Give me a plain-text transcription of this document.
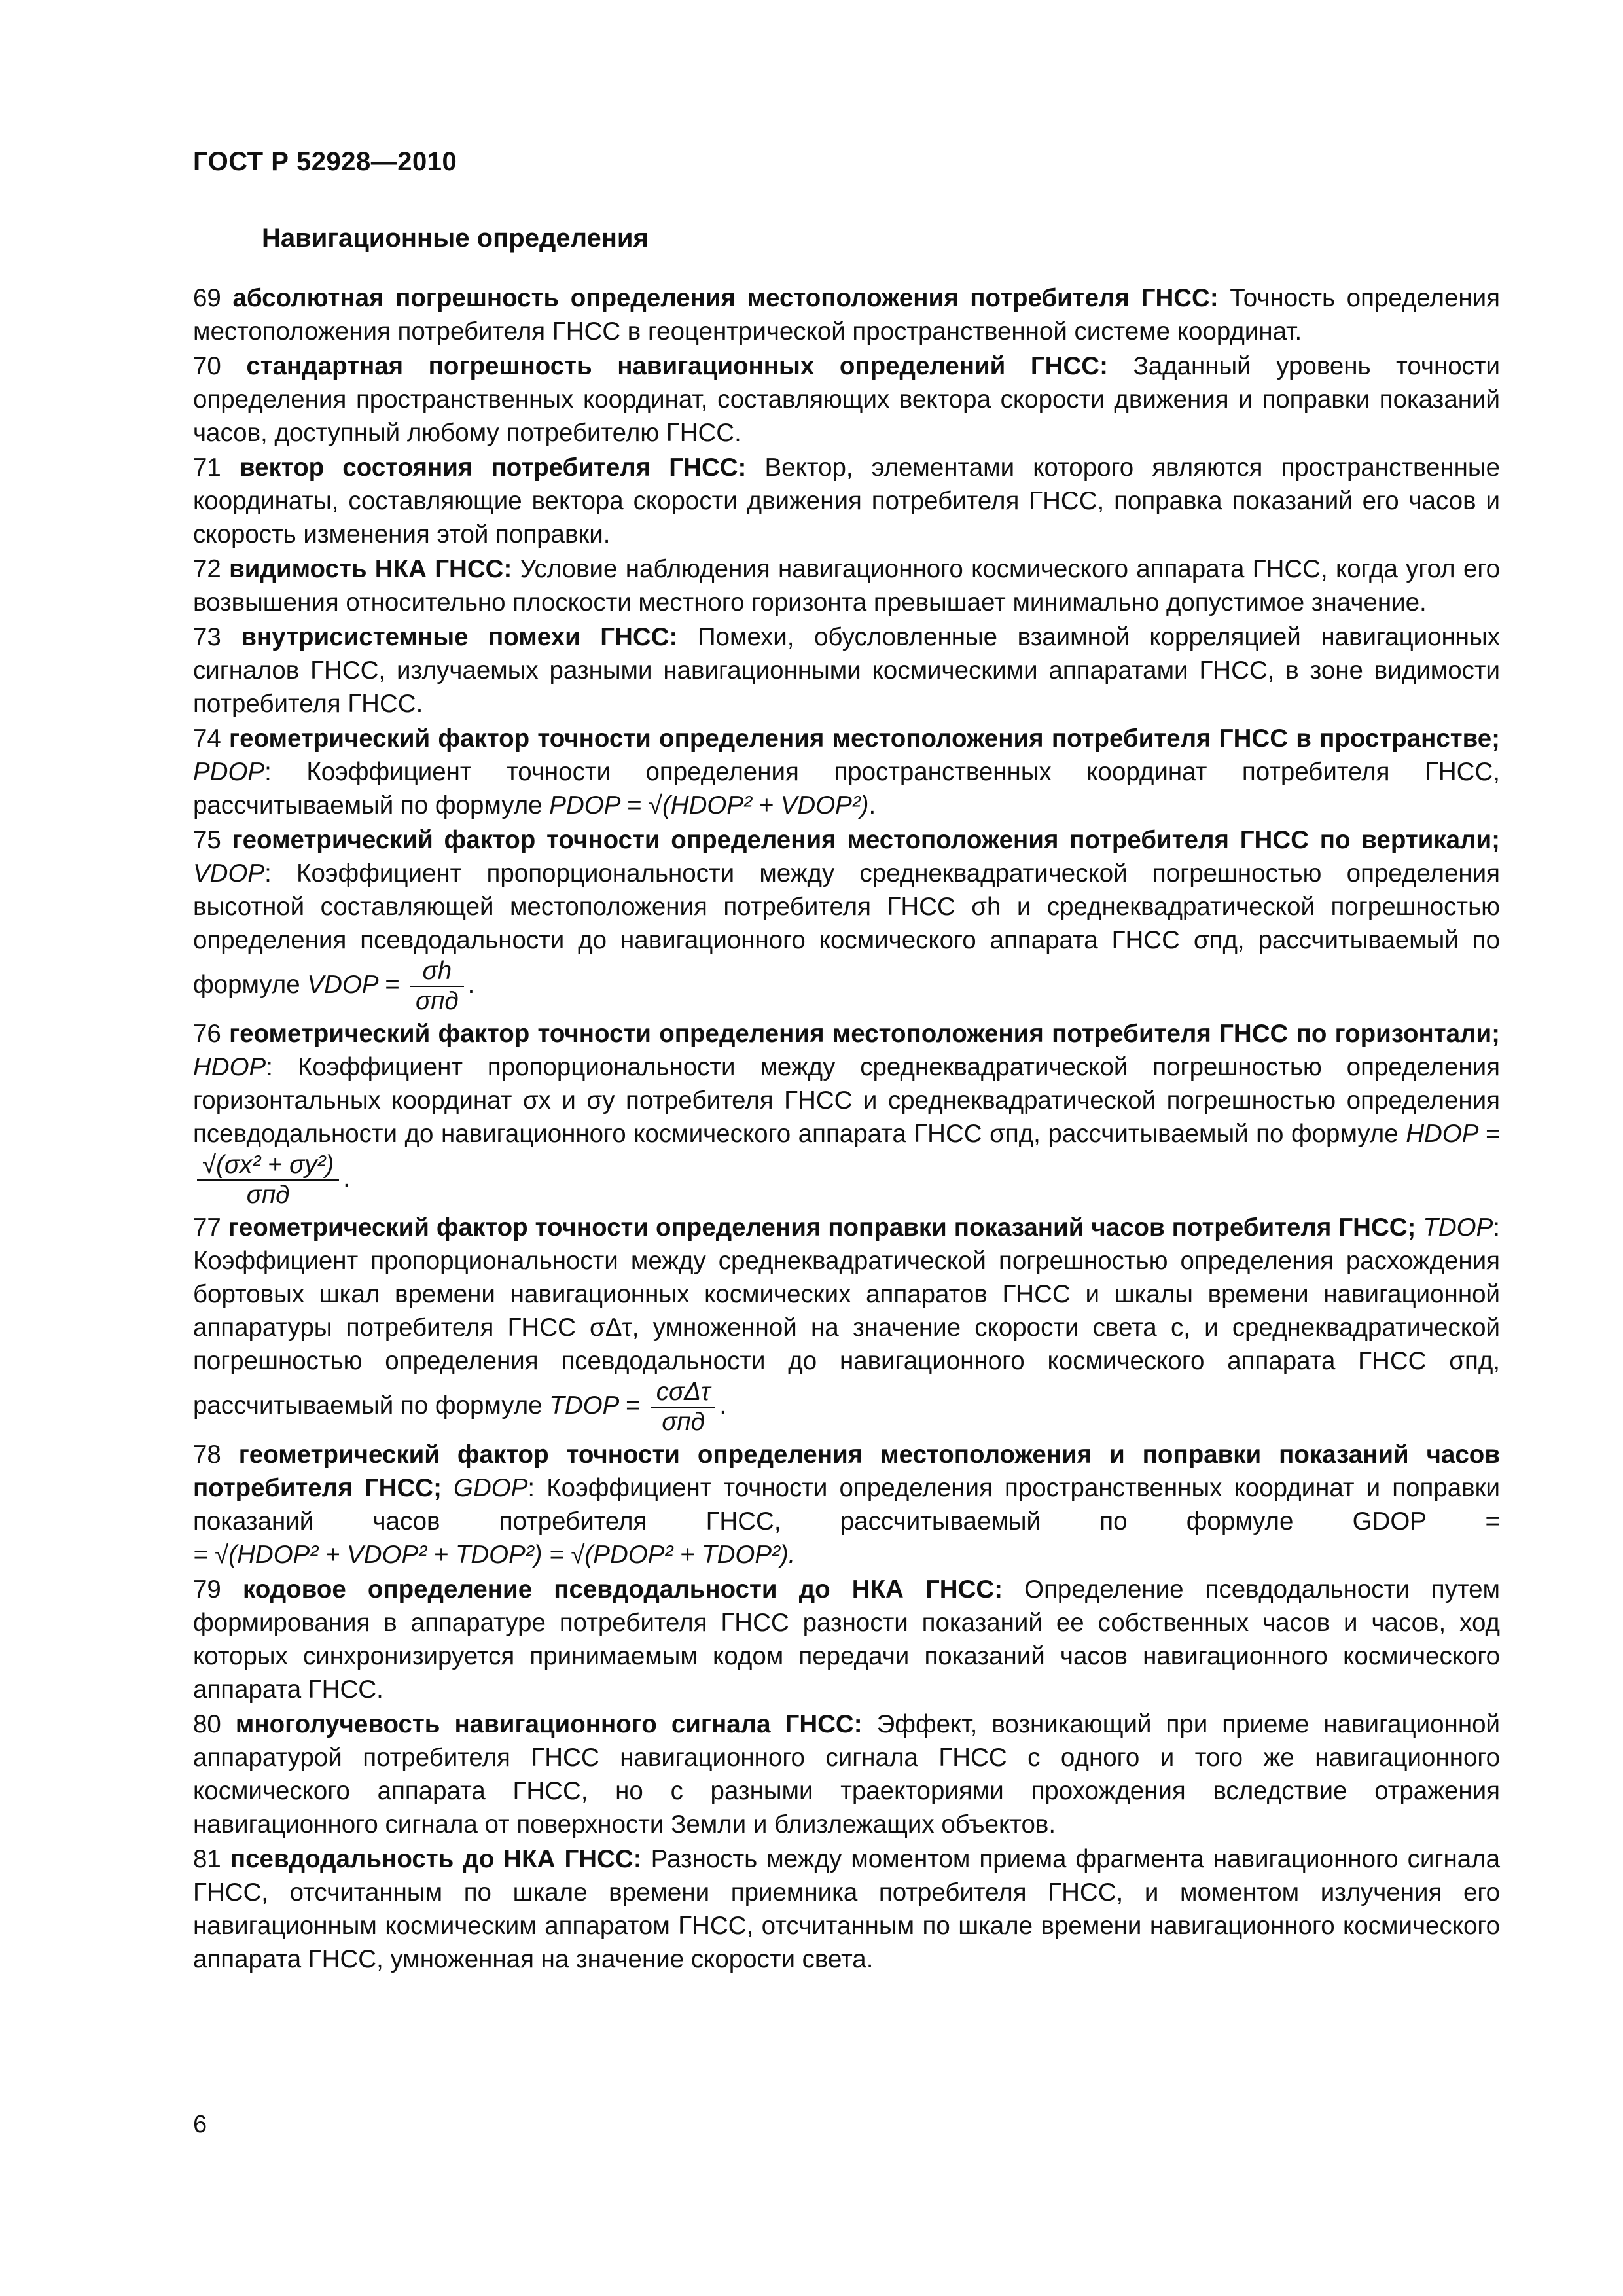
ГОСТ Р 52928—2010
Навигационные определения

69 абсолютная погрешность определения местоположения потребителя ГНСС: Точность определения местоположения потребителя ГНСС в геоцентрической пространственной системе координат.

70 стандартная погрешность навигационных определений ГНСС: Заданный уровень точности определения пространственных координат, составляющих вектора скорости движения и поправки показаний часов, доступный любому потребителю ГНСС.

71 вектор состояния потребителя ГНСС: Вектор, элементами которого являются пространственные координаты, составляющие вектора скорости движения потребителя ГНСС, поправка показаний его часов и скорость изменения этой поправки.

72 видимость НКА ГНСС: Условие наблюдения навигационного космического аппарата ГНСС, когда угол его возвышения относительно плоскости местного горизонта превышает минимально допустимое значение.

73 внутрисистемные помехи ГНСС: Помехи, обусловленные взаимной корреляцией навигационных сигналов ГНСС, излучаемых разными навигационными космическими аппаратами ГНСС, в зоне видимости потребителя ГНСС.

74 геометрический фактор точности определения местоположения потребителя ГНСС в пространстве; PDOP: Коэффициент точности определения пространственных координат потребителя ГНСС, рассчитываемый по формуле PDOP = √(HDOP² + VDOP²).

75 геометрический фактор точности определения местоположения потребителя ГНСС по вертикали; VDOP: Коэффициент пропорциональности между среднеквадратической погрешностью определения высотной составляющей местоположения потребителя ГНСС σh и среднеквадратической погрешностью определения псевдодальности до навигационного космического аппарата ГНСС σпд, рассчитываемый по формуле VDOP = $\frac{\sigma h}{\text{σпд}}$ .

76 геометрический фактор точности определения местоположения потребителя ГНСС по горизонтали; HDOP: Коэффициент пропорциональности между среднеквадратической погрешностью определения горизонтальных координат σx и σy потребителя ГНСС и среднеквадратической погрешностью определения псевдодальности до навигационного космического аппарата ГНСС σпд, рассчитываемый по формуле HDOP =
$\frac{\text{√(σx² + σy²)}}{\text{σпд}}$ .

77 геометрический фактор точности определения поправки показаний часов потребителя ГНСС; TDOP: Коэффициент пропорциональности между среднеквадратической погрешностью определения расхождения бортовых шкал времени навигационных космических аппаратов ГНСС и шкалы времени навигационной аппаратуры потребителя ГНСС σΔτ, умноженной на значение скорости света c, и среднеквадратической погрешностью определения псевдодальности до навигационного космического аппарата ГНСС σпд, рассчитываемый по формуле TDOP = $\frac{\text{cσΔτ}}{\text{σпд}}$ .

78 геометрический фактор точности определения местоположения и поправки показаний часов потребителя ГНСС; GDOP: Коэффициент точности определения пространственных координат и поправки показаний часов потребителя ГНСС, рассчитываемый по формуле GDOP = = √(HDOP² + VDOP² + TDOP²) = √(PDOP² + TDOP²).

79 кодовое определение псевдодальности до НКА ГНСС: Определение псевдодальности путем формирования в аппаратуре потребителя ГНСС разности показаний ее собственных часов и часов, ход которых синхронизируется принимаемым кодом передачи показаний часов навигационного космического аппарата ГНСС.

80 многолучевость навигационного сигнала ГНСС: Эффект, возникающий при приеме навигационной аппаратурой потребителя ГНСС навигационного сигнала ГНСС с одного и того же навигационного космического аппарата ГНСС, но с разными траекториями прохождения вследствие отражения навигационного сигнала от поверхности Земли и близлежащих объектов.

81 псевдодальность до НКА ГНСС: Разность между моментом приема фрагмента навигационного сигнала ГНСС, отсчитанным по шкале времени приемника потребителя ГНСС, и моментом излучения его навигационным космическим аппаратом ГНСС, отсчитанным по шкале времени навигационного космического аппарата ГНСС, умноженная на значение скорости света.

6
